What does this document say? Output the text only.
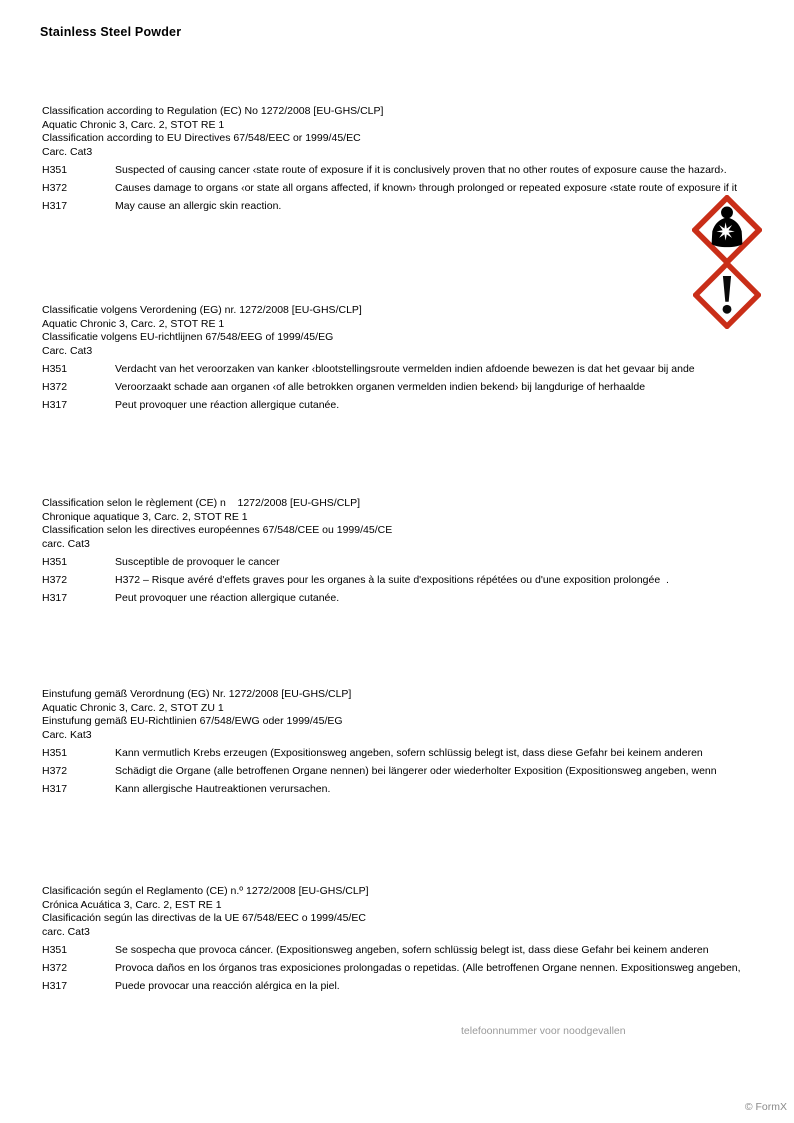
Stainless Steel Powder
Classification according to Regulation (EC) No 1272/2008 [EU-GHS/CLP]
Aquatic Chronic 3, Carc. 2, STOT RE 1
Classification according to EU Directives 67/548/EEC or 1999/45/EC
Carc. Cat3
H351	Suspected of causing cancer ‹state route of exposure if it is conclusively proven that no other routes of exposure cause the hazard›.
H372	Causes damage to organs ‹or state all organs affected, if known› through prolonged or repeated exposure ‹state route of exposure if it
H317	May cause an allergic skin reaction.
Classificatie volgens Verordening (EG) nr. 1272/2008 [EU-GHS/CLP]
Aquatic Chronic 3, Carc. 2, STOT RE 1
Classificatie volgens EU-richtlijnen 67/548/EEG of 1999/45/EG
Carc. Cat3
H351	Verdacht van het veroorzaken van kanker ‹blootstellingsroute vermelden indien afdoende bewezen is dat het gevaar bij ande
H372	Veroorzaakt schade aan organen ‹of alle betrokken organen vermelden indien bekend› bij langdurige of herhaalde
H317	Peut provoquer une réaction allergique cutanée.
Classification selon le règlement (CE) n    1272/2008 [EU-GHS/CLP]
Chronique aquatique 3, Carc. 2, STOT RE 1
Classification selon les directives européennes 67/548/CEE ou 1999/45/CE
carc. Cat3
H351	Susceptible de provoquer le cancer
H372	H372 – Risque avéré d'effets graves pour les organes à la suite d'expositions répétées ou d'une exposition prolongée  .
H317	Peut provoquer une réaction allergique cutanée.
Einstufung gemäß Verordnung (EG) Nr. 1272/2008 [EU-GHS/CLP]
Aquatic Chronic 3, Carc. 2, STOT ZU 1
Einstufung gemäß EU-Richtlinien 67/548/EWG oder 1999/45/EG
Carc. Kat3
H351	Kann vermutlich Krebs erzeugen (Expositionsweg angeben, sofern schlüssig belegt ist, dass diese Gefahr bei keinem anderen
H372	Schädigt die Organe (alle betroffenen Organe nennen) bei längerer oder wiederholter Exposition (Expositionsweg angeben, wenn
H317	Kann allergische Hautreaktionen verursachen.
Clasificación según el Reglamento (CE) n.º 1272/2008 [EU-GHS/CLP]
Crónica Acuática 3, Carc. 2, EST RE 1
Clasificación según las directivas de la UE 67/548/EEC o 1999/45/EC
carc. Cat3
H351	Se sospecha que provoca cáncer. (Expositionsweg angeben, sofern schlüssig belegt ist, dass diese Gefahr bei keinem anderen
H372	Provoca daños en los órganos tras exposiciones prolongadas o repetidas. (Alle betroffenen Organe nennen. Expositionsweg angeben,
H317	Puede provocar una reacción alérgica en la piel.
telefoonnummer voor noodgevallen
© FormX
